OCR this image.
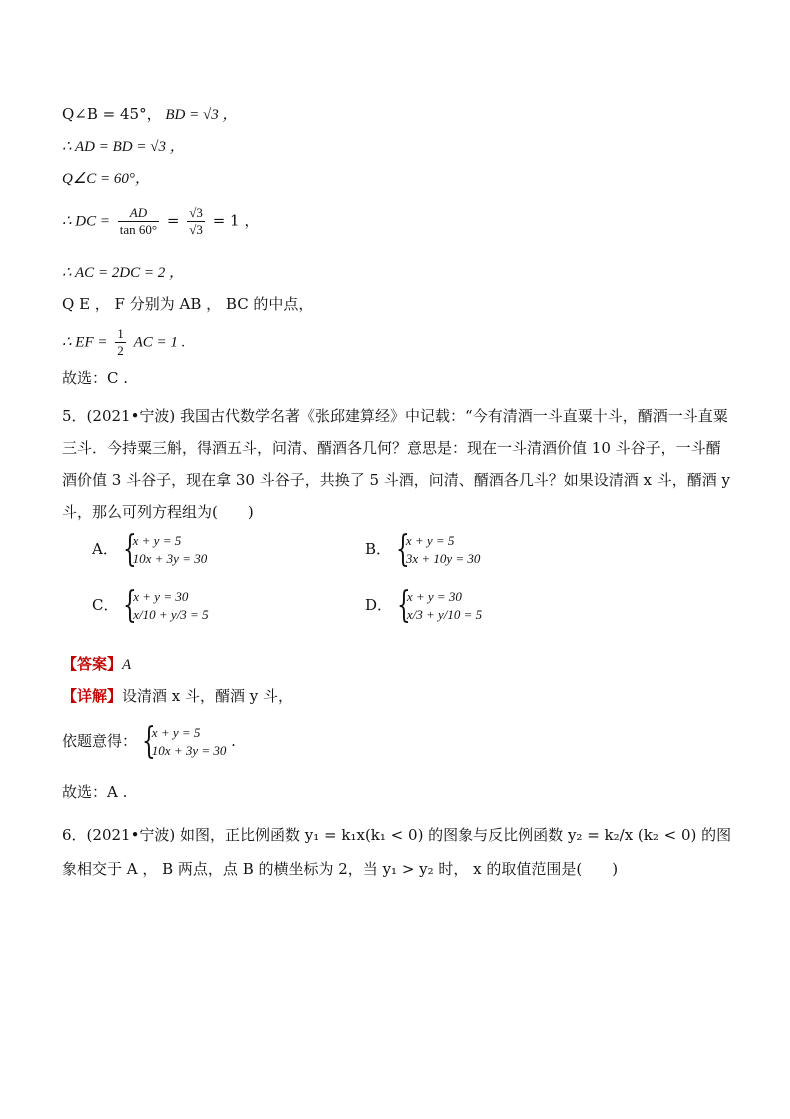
Q∠B = 45°， BD = √3 ，
∴ AD = BD = √3 ，
Q∠C = 60°，
∴ DC = $\frac{AD}{\tan 60^\circ} = \frac{√3}{√3} = 1$ ，
∴ AC = 2DC = 2 ，
Q E ， F 分别为 AB ， BC 的中点，
∴ EF = $\frac{1}{2}$ AC = 1 .
故选：C .
5．(2021•宁波) 我国古代数学名著《张邱建算经》中记载：“今有清酒一斗直粟十斗，醑酒一斗直粟三斗．今持粟三斛，得酒五斗，问清、醑酒各几何？意思是：现在一斗清酒价值 10 斗谷子，一斗醑酒价值 3 斗谷子，现在拿 30 斗谷子，共换了 5 斗酒，问清、醑酒各几斗？如果设清酒 x 斗，醑酒 y 斗，那么可列方程组为(　　)
A． {
x + y = 5
10x + 3y = 30
B． {
x + y = 5
3x + 10y = 30
C． {
x + y = 30
x/10 + y/3 = 5
D． {
x + y = 30
x/3 + y/10 = 5
【答案】A
【详解】设清酒 x 斗，醑酒 y 斗，
依题意得： {
x + y = 5
10x + 3y = 30
.
故选：A .
6．(2021•宁波) 如图，正比例函数 y₁ = k₁x(k₁ < 0) 的图象与反比例函数 y₂ = k₂/x (k₂ < 0) 的图象相交于 A ， B 两点，点 B 的横坐标为 2，当 y₁ > y₂ 时， x 的取值范围是(　　)
